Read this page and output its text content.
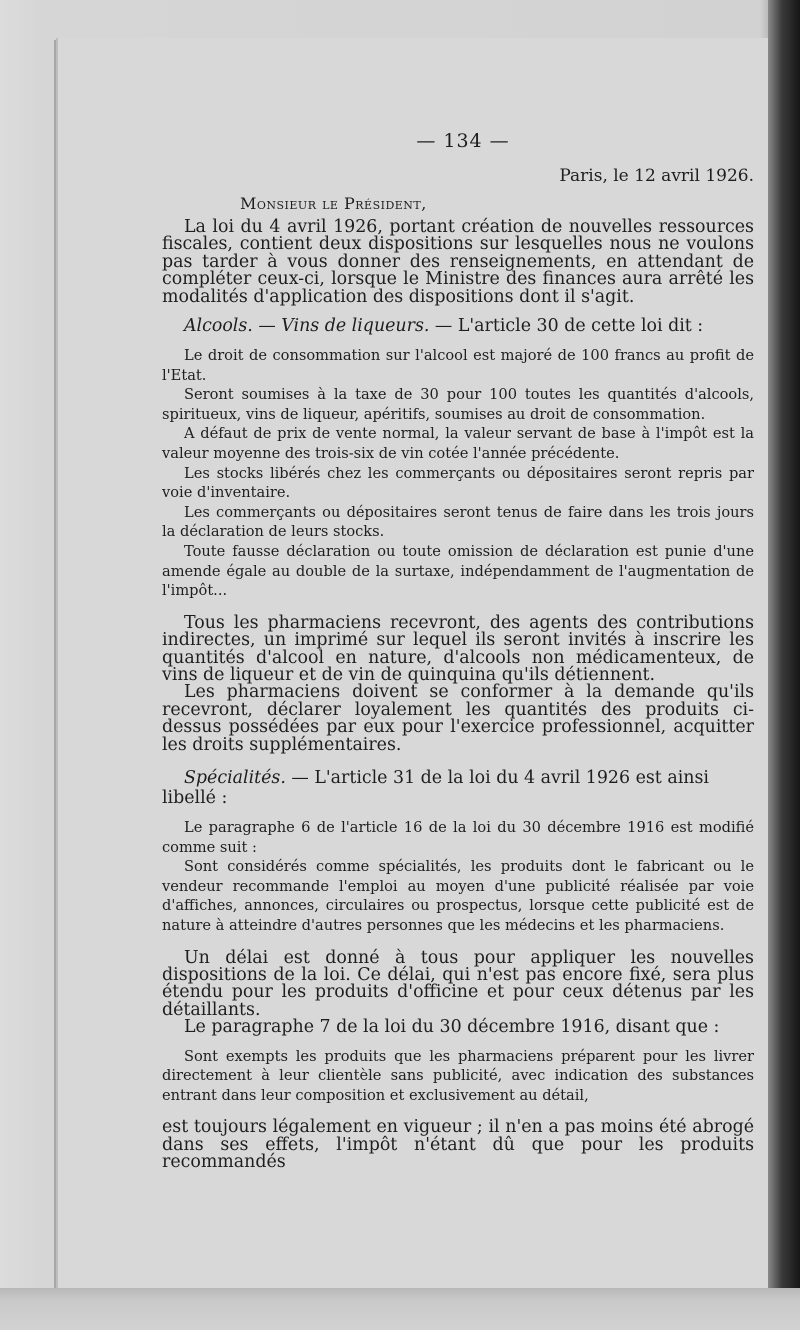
— 134 —
Paris, le 12 avril 1926.
Monsieur le Président,

La loi du 4 avril 1926, portant création de nouvelles ressources fiscales, contient deux dispositions sur lesquelles nous ne voulons pas tarder à vous donner des renseignements, en attendant de compléter ceux-ci, lorsque le Ministre des finances aura arrêté les modalités d'application des dispositions dont il s'agit.

Alcools. — Vins de liqueurs. — L'article 30 de cette loi dit :

Le droit de consommation sur l'alcool est majoré de 100 francs au profit de l'Etat.

Seront soumises à la taxe de 30 pour 100 toutes les quantités d'alcools, spiritueux, vins de liqueur, apéritifs, soumises au droit de consommation.

A défaut de prix de vente normal, la valeur servant de base à l'impôt est la valeur moyenne des trois-six de vin cotée l'année précédente.

Les stocks libérés chez les commerçants ou dépositaires seront repris par voie d'inventaire.

Les commerçants ou dépositaires seront tenus de faire dans les trois jours la déclaration de leurs stocks.

Toute fausse déclaration ou toute omission de déclaration est punie d'une amende égale au double de la surtaxe, indépendamment de l'augmentation de l'impôt...

Tous les pharmaciens recevront, des agents des contributions indirectes, un imprimé sur lequel ils seront invités à inscrire les quantités d'alcool en nature, d'alcools non médicamenteux, de vins de liqueur et de vin de quinquina qu'ils détiennent.

Les pharmaciens doivent se conformer à la demande qu'ils recevront, déclarer loyalement les quantités des produits ci-dessus possédées par eux pour l'exercice professionnel, acquitter les droits supplémentaires.

Spécialités. — L'article 31 de la loi du 4 avril 1926 est ainsi libellé :

Le paragraphe 6 de l'article 16 de la loi du 30 décembre 1916 est modifié comme suit :

Sont considérés comme spécialités, les produits dont le fabricant ou le vendeur recommande l'emploi au moyen d'une publicité réalisée par voie d'affiches, annonces, circulaires ou prospectus, lorsque cette publicité est de nature à atteindre d'autres personnes que les médecins et les pharmaciens.

Un délai est donné à tous pour appliquer les nouvelles dispositions de la loi. Ce délai, qui n'est pas encore fixé, sera plus étendu pour les produits d'officine et pour ceux détenus par les détaillants.

Le paragraphe 7 de la loi du 30 décembre 1916, disant que :

Sont exempts les produits que les pharmaciens préparent pour les livrer directement à leur clientèle sans publicité, avec indication des substances entrant dans leur composition et exclusivement au détail,

est toujours légalement en vigueur ; il n'en a pas moins été abrogé dans ses effets, l'impôt n'étant dû que pour les produits recommandés
